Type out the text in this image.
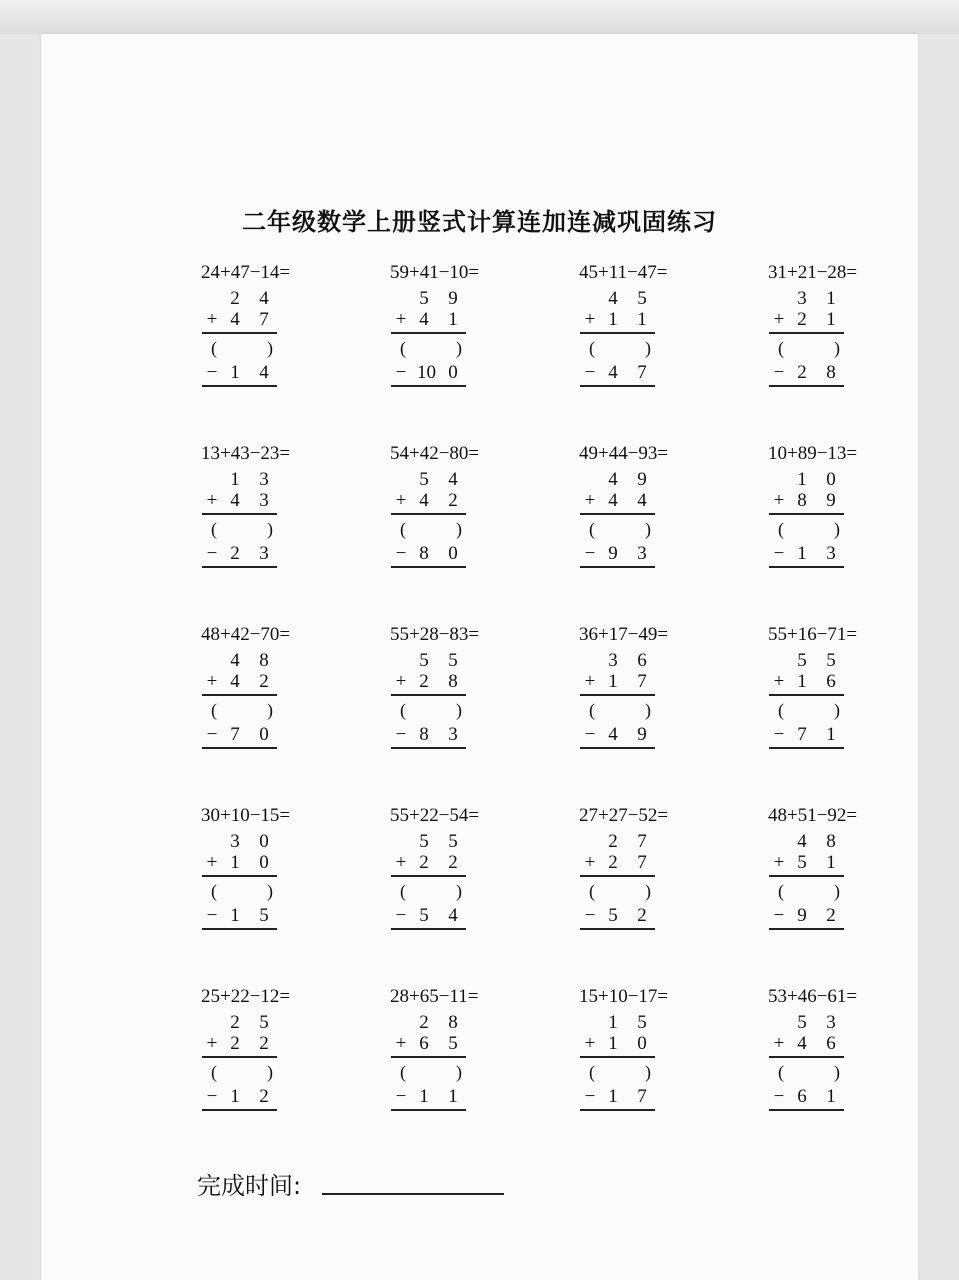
二年级数学上册竖式计算连加连减巩固练习
24+47−14=
2 4
+ 4 7
(	)
− 1 4
59+41−10=
5 9
+ 4 1
(	)
− 10 0
45+11−47=
4 5
+ 1 1
(	)
− 4 7
31+21−28=
3 1
+ 2 1
(	)
− 2 8
13+43−23=
1 3
+ 4 3
(	)
− 2 3
54+42−80=
5 4
+ 4 2
(	)
− 8 0
49+44−93=
4 9
+ 4 4
(	)
− 9 3
10+89−13=
1 0
+ 8 9
(	)
− 1 3
48+42−70=
4 8
+ 4 2
(	)
− 7 0
55+28−83=
5 5
+ 2 8
(	)
− 8 3
36+17−49=
3 6
+ 1 7
(	)
− 4 9
55+16−71=
5 5
+ 1 6
(	)
− 7 1
30+10−15=
3 0
+ 1 0
(	)
− 1 5
55+22−54=
5 5
+ 2 2
(	)
− 5 4
27+27−52=
2 7
+ 2 7
(	)
− 5 2
48+51−92=
4 8
+ 5 1
(	)
− 9 2
25+22−12=
2 5
+ 2 2
(	)
− 1 2
28+65−11=
2 8
+ 6 5
(	)
− 1 1
15+10−17=
1 5
+ 1 0
(	)
− 1 7
53+46−61=
5 3
+ 4 6
(	)
− 6 1
完成时间:
